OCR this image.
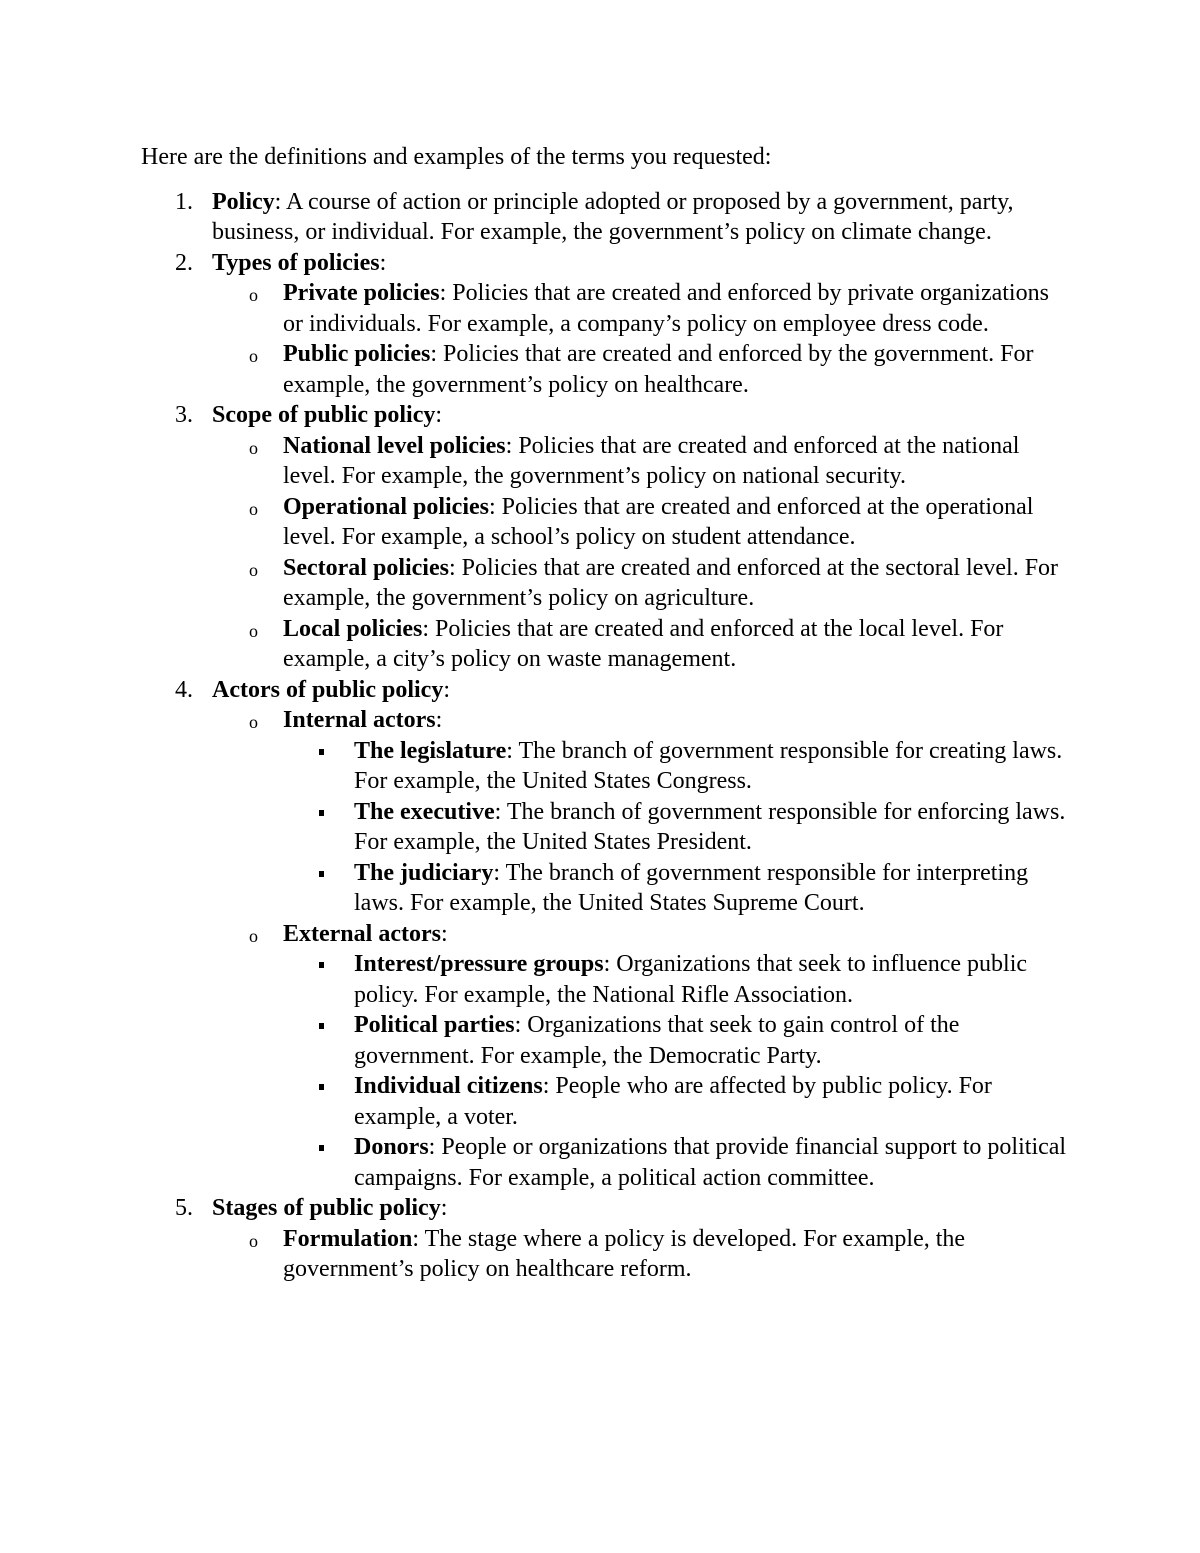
Here are the definitions and examples of the terms you requested:

1. Policy: A course of action or principle adopted or proposed by a government, party, business, or individual. For example, the government’s policy on climate change.
2. Types of policies:
o Private policies: Policies that are created and enforced by private organizations or individuals. For example, a company’s policy on employee dress code.
o Public policies: Policies that are created and enforced by the government. For example, the government’s policy on healthcare.
3. Scope of public policy:
o National level policies: Policies that are created and enforced at the national level. For example, the government’s policy on national security.
o Operational policies: Policies that are created and enforced at the operational level. For example, a school’s policy on student attendance.
o Sectoral policies: Policies that are created and enforced at the sectoral level. For example, the government’s policy on agriculture.
o Local policies: Policies that are created and enforced at the local level. For example, a city’s policy on waste management.
4. Actors of public policy:
o Internal actors:
The legislature: The branch of government responsible for creating laws. For example, the United States Congress.
The executive: The branch of government responsible for enforcing laws. For example, the United States President.
The judiciary: The branch of government responsible for interpreting laws. For example, the United States Supreme Court.
o External actors:
Interest/pressure groups: Organizations that seek to influence public policy. For example, the National Rifle Association.
Political parties: Organizations that seek to gain control of the government. For example, the Democratic Party.
Individual citizens: People who are affected by public policy. For example, a voter.
Donors: People or organizations that provide financial support to political campaigns. For example, a political action committee.
5. Stages of public policy:
o Formulation: The stage where a policy is developed. For example, the government’s policy on healthcare reform.
